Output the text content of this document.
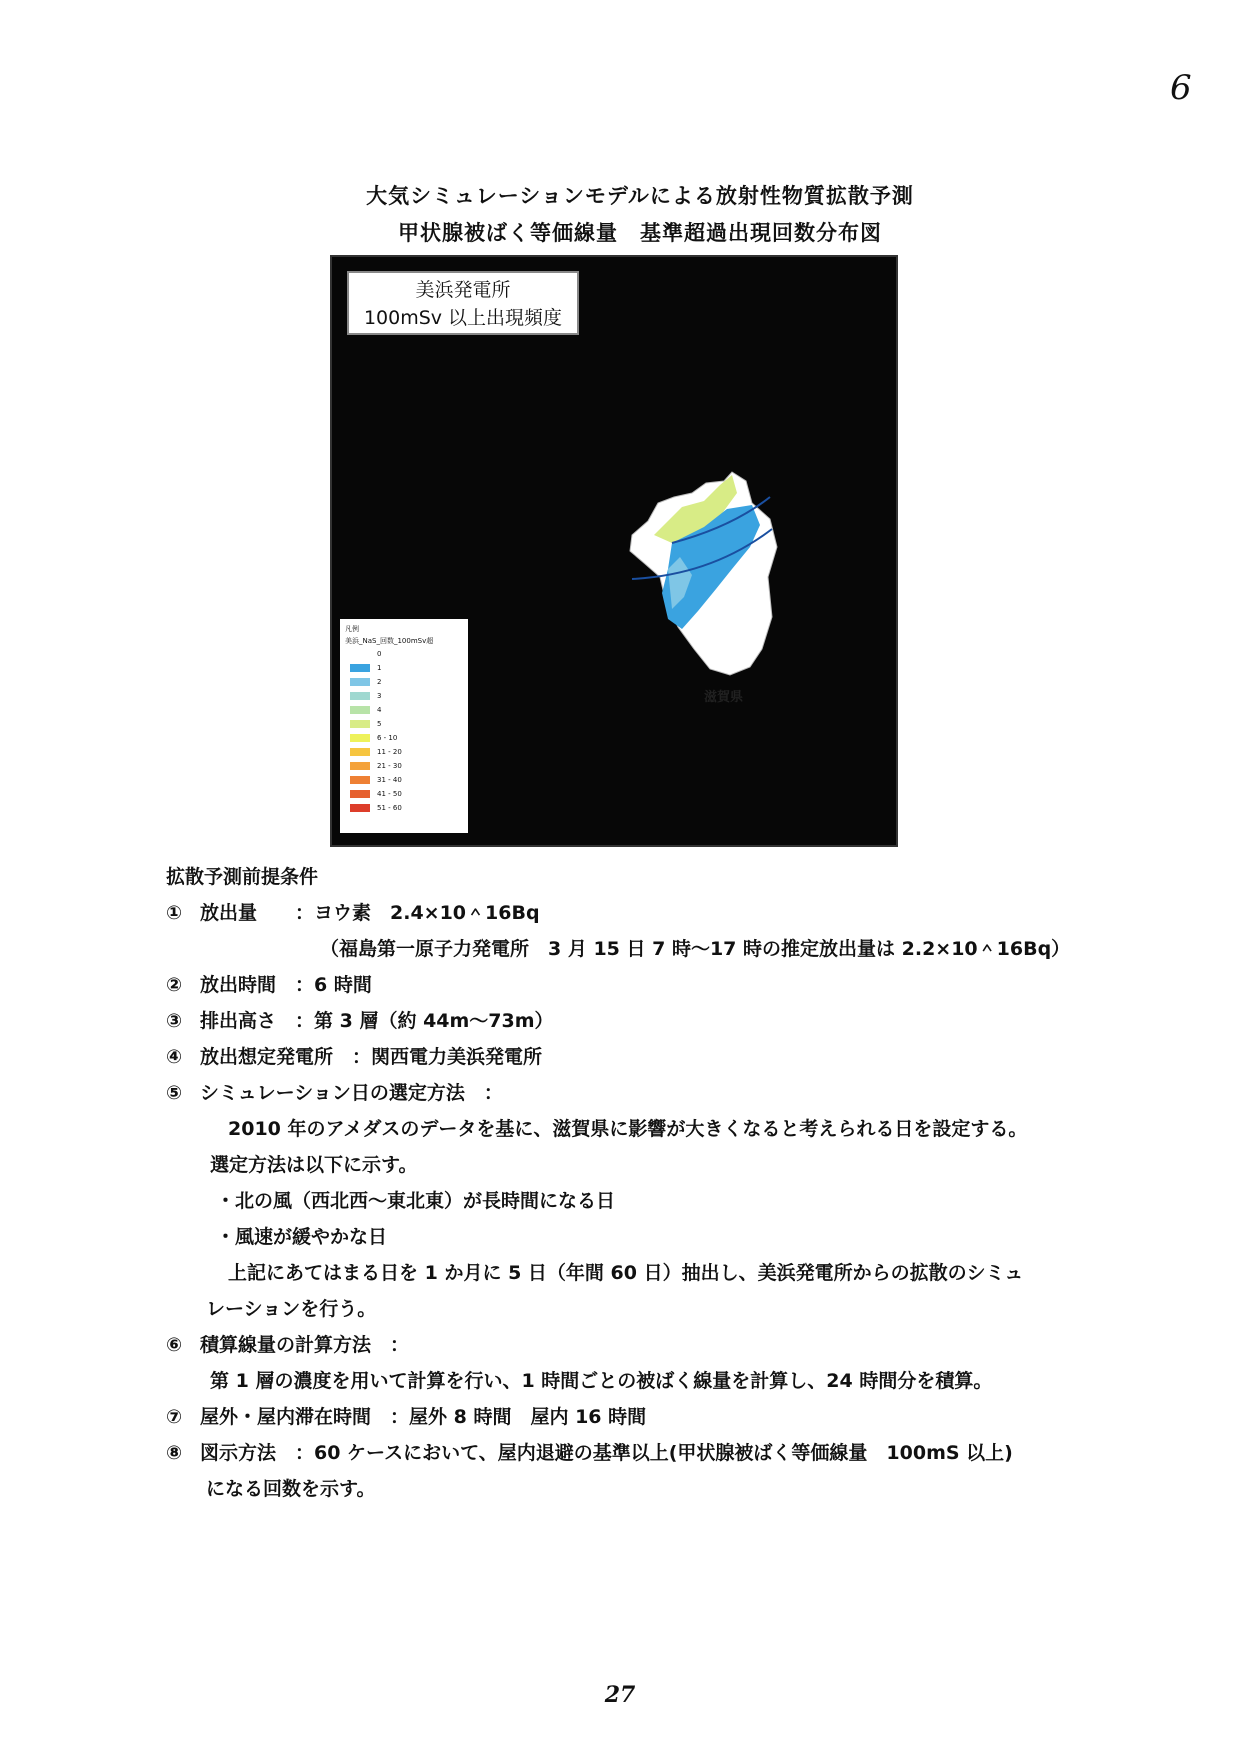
6
大気シミュレーションモデルによる放射性物質拡散予測
甲状腺被ばく等価線量　基準超過出現回数分布図
美浜発電所
100mSv 以上出現頻度
滋賀県
凡例
美浜_NaS_回数_100mSv超
0
1
2
3
4
5
6 - 10
11 - 20
21 - 30
31 - 40
41 - 50
51 - 60
拡散予測前提条件
① 放出量　　：ヨウ素　2.4×10＾16Bq
（福島第一原子力発電所　3 月 15 日 7 時～17 時の推定放出量は 2.2×10＾16Bq）
② 放出時間　：6 時間
③ 排出高さ　：第 3 層（約 44m～73m）
④ 放出想定発電所　：関西電力美浜発電所
⑤ シミュレーション日の選定方法　：
2010 年のアメダスのデータを基に、滋賀県に影響が大きくなると考えられる日を設定する。
選定方法は以下に示す。
・北の風（西北西～東北東）が長時間になる日
・風速が緩やかな日
上記にあてはまる日を 1 か月に 5 日（年間 60 日）抽出し、美浜発電所からの拡散のシミュ
レーションを行う。
⑥ 積算線量の計算方法　：
第 1 層の濃度を用いて計算を行い、1 時間ごとの被ばく線量を計算し、24 時間分を積算。
⑦ 屋外・屋内滞在時間　：屋外 8 時間　屋内 16 時間
⑧ 図示方法　：60 ケースにおいて、屋内退避の基準以上(甲状腺被ばく等価線量　100mS 以上)
になる回数を示す。
27
